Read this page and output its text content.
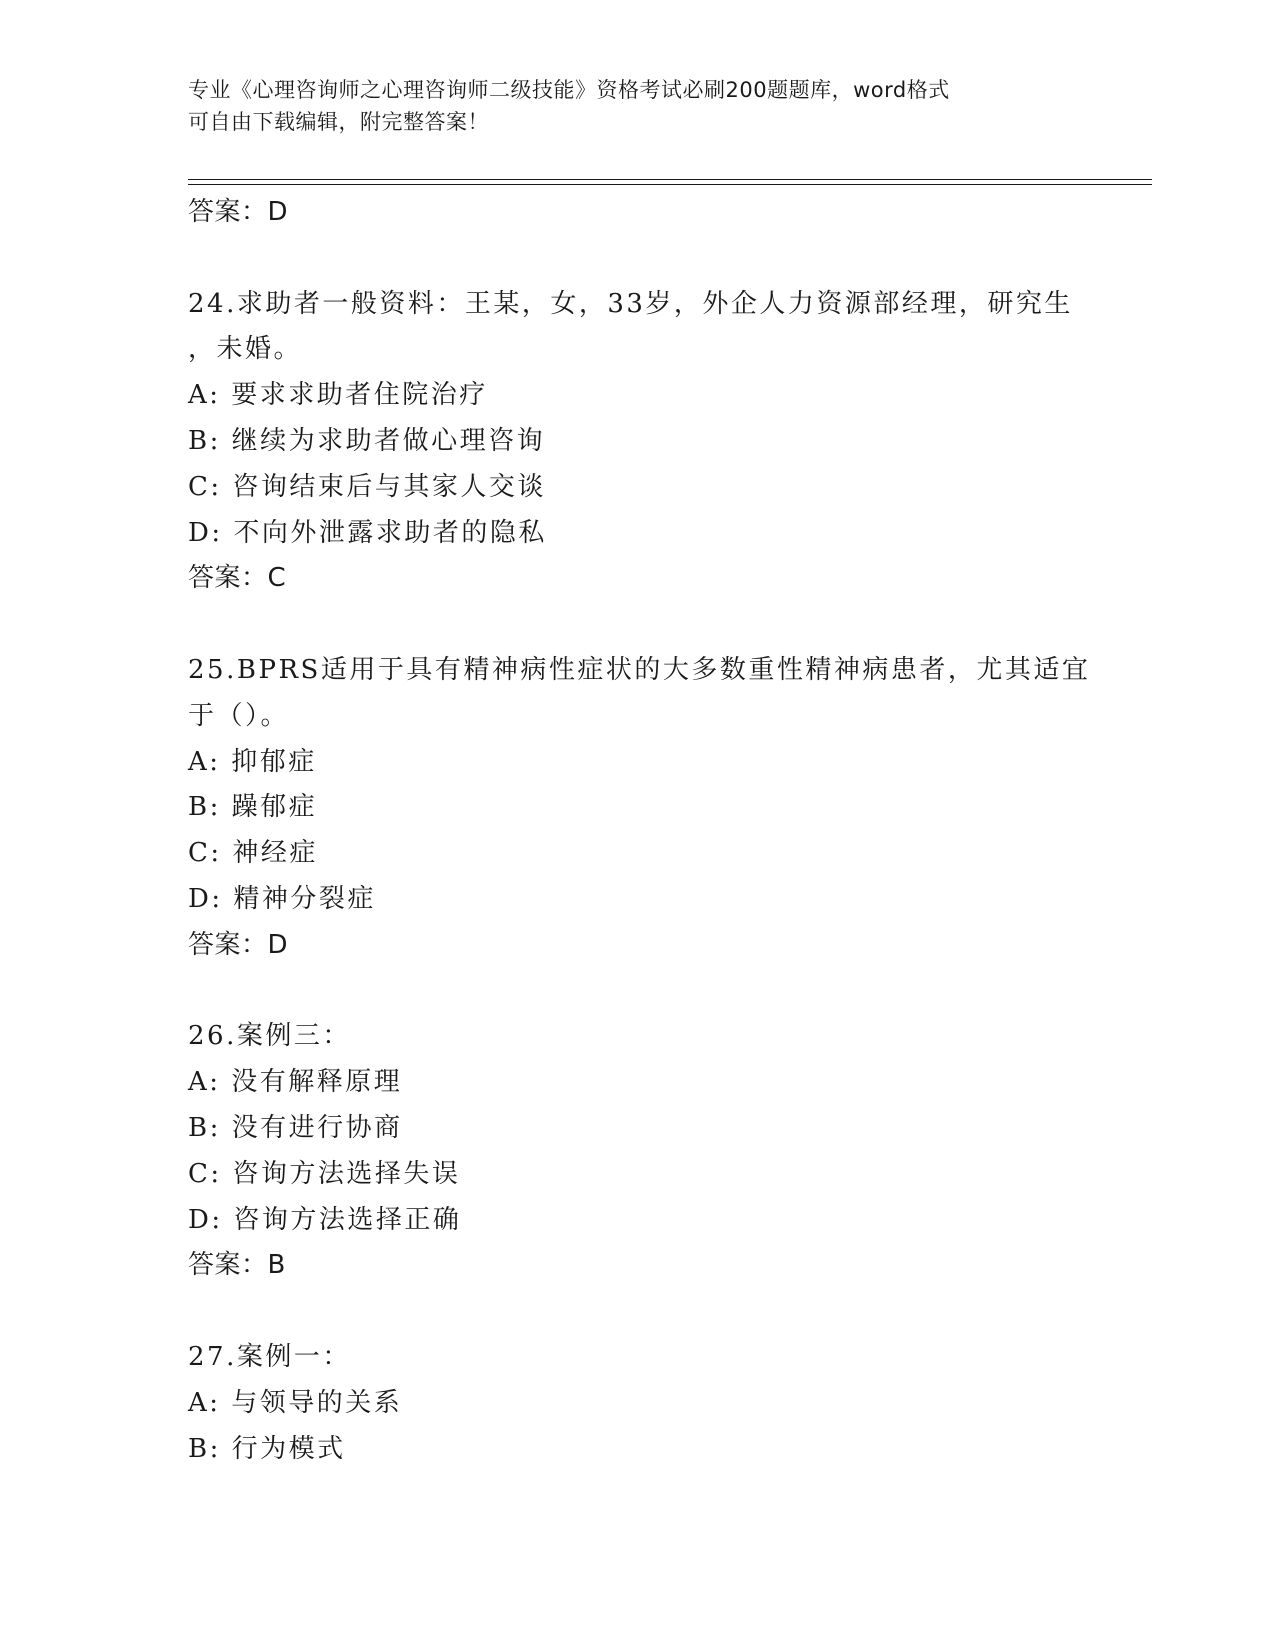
专业《心理咨询师之心理咨询师二级技能》资格考试必刷200题题库，word格式
可自由下载编辑，附完整答案！
答案：D
24.求助者一般资料：王某，女，33岁，外企人力资源部经理，研究生
，未婚。
A: 要求求助者住院治疗
B: 继续为求助者做心理咨询
C: 咨询结束后与其家人交谈
D: 不向外泄露求助者的隐私
答案：C
25.BPRS适用于具有精神病性症状的大多数重性精神病患者，尤其适宜
于（）。
A: 抑郁症
B: 躁郁症
C: 神经症
D: 精神分裂症
答案：D
26.案例三：
A: 没有解释原理
B: 没有进行协商
C: 咨询方法选择失误
D: 咨询方法选择正确
答案：B
27.案例一：
A: 与领导的关系
B: 行为模式
